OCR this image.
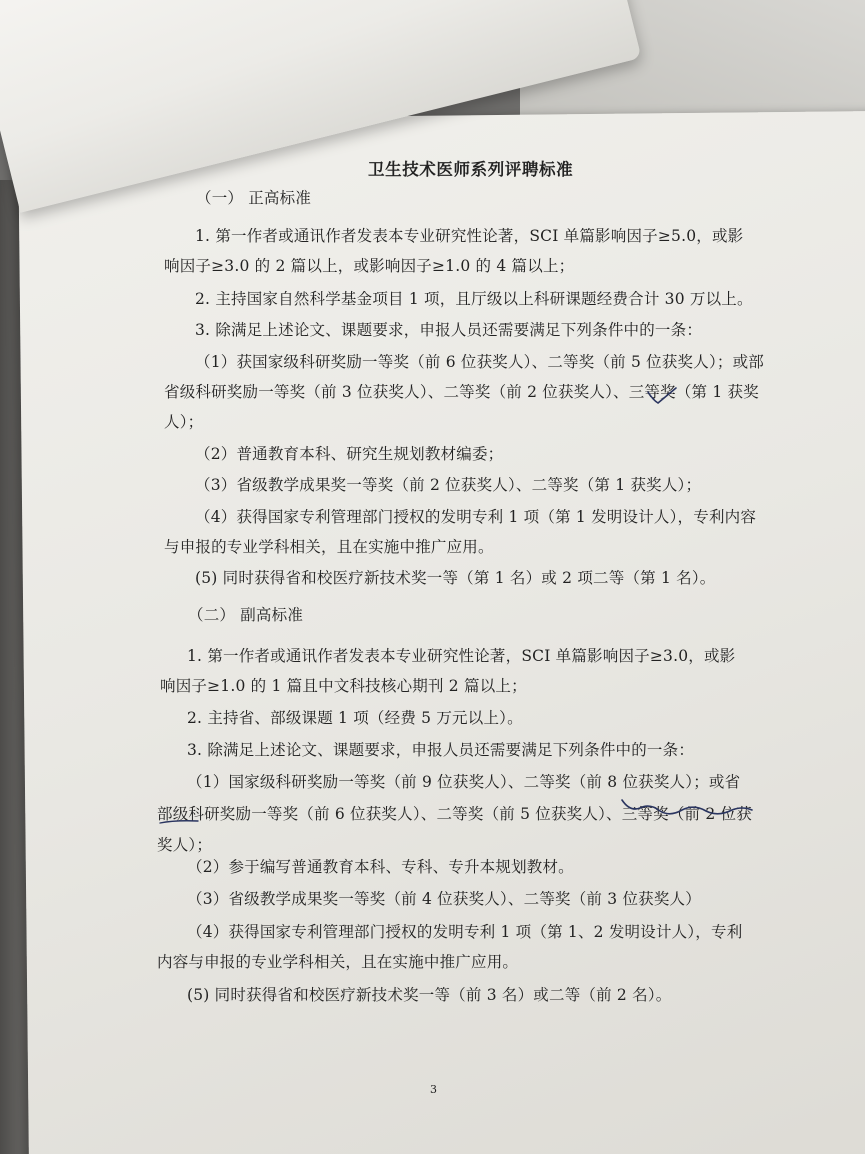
卫生技术医师系列评聘标准
（一） 正高标准
1. 第一作者或通讯作者发表本专业研究性论著，SCI 单篇影响因子≥5.0，或影
响因子≥3.0 的 2 篇以上，或影响因子≥1.0 的 4 篇以上；
2. 主持国家自然科学基金项目 1 项，且厅级以上科研课题经费合计 30 万以上。
3. 除满足上述论文、课题要求，申报人员还需要满足下列条件中的一条：
（1）获国家级科研奖励一等奖（前 6 位获奖人）、二等奖（前 5 位获奖人）；或部
省级科研奖励一等奖（前 3 位获奖人）、二等奖（前 2 位获奖人）、三等奖（第 1 获奖
人）；
（2）普通教育本科、研究生规划教材编委；
（3）省级教学成果奖一等奖（前 2 位获奖人）、二等奖（第 1 获奖人）；
（4）获得国家专利管理部门授权的发明专利 1 项（第 1 发明设计人），专利内容
与申报的专业学科相关，且在实施中推广应用。
(5) 同时获得省和校医疗新技术奖一等（第 1 名）或 2 项二等（第 1 名）。
（二） 副高标准
1. 第一作者或通讯作者发表本专业研究性论著，SCI 单篇影响因子≥3.0，或影
响因子≥1.0 的 1 篇且中文科技核心期刊 2 篇以上；
2. 主持省、部级课题 1 项（经费 5 万元以上）。
3. 除满足上述论文、课题要求，申报人员还需要满足下列条件中的一条：
（1）国家级科研奖励一等奖（前 9 位获奖人）、二等奖（前 8 位获奖人）；或省
部级科研奖励一等奖（前 6 位获奖人）、二等奖（前 5 位获奖人）、三等奖（前 2 位获
奖人）；
（2）参于编写普通教育本科、专科、专升本规划教材。
（3）省级教学成果奖一等奖（前 4 位获奖人）、二等奖（前 3 位获奖人）
（4）获得国家专利管理部门授权的发明专利 1 项（第 1、2 发明设计人），专利
内容与申报的专业学科相关，且在实施中推广应用。
(5) 同时获得省和校医疗新技术奖一等（前 3 名）或二等（前 2 名）。
3
